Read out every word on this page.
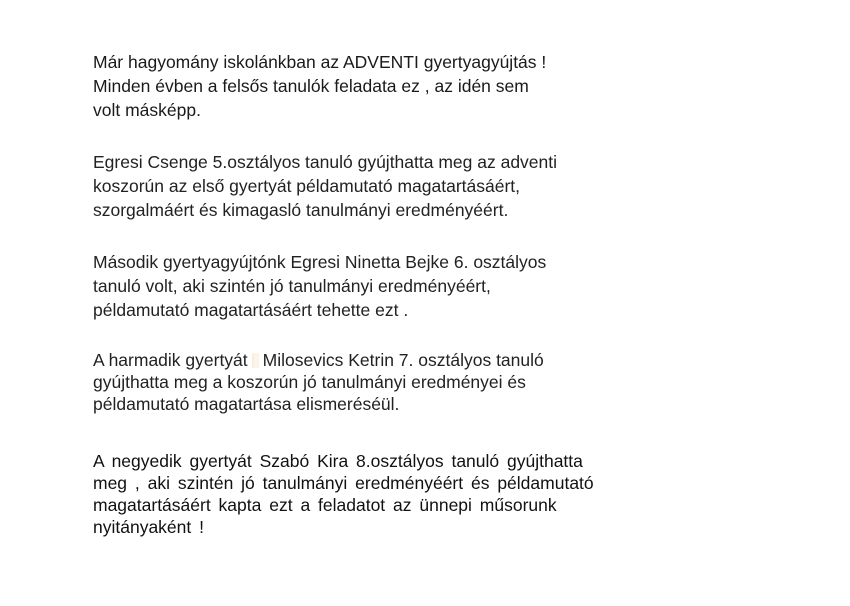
Már hagyomány iskolánkban az ADVENTI gyertyagyújtás !
Minden évben a felsős tanulók feladata ez , az idén sem
volt másképp.

Egresi Csenge 5.osztályos tanuló gyújthatta meg az adventi
koszorún az első gyertyát példamutató magatartásáért,
szorgalmáért és kimagasló tanulmányi eredményéért.

Második gyertyagyújtónk Egresi Ninetta Bejke 6. osztályos
tanuló volt, aki szintén jó tanulmányi eredményéért,
példamutató magatartásáért tehette ezt .

A harmadik gyertyát Milosevics Ketrin 7. osztályos tanuló
gyújthatta meg a koszorún jó tanulmányi eredményei és
példamutató magatartása elismeréséül.

A negyedik gyertyát Szabó Kira 8.osztályos tanuló gyújthatta
meg , aki szintén jó tanulmányi eredményéért és példamutató
magatartásáért kapta ezt a feladatot az ünnepi műsorunk
nyitányaként !
